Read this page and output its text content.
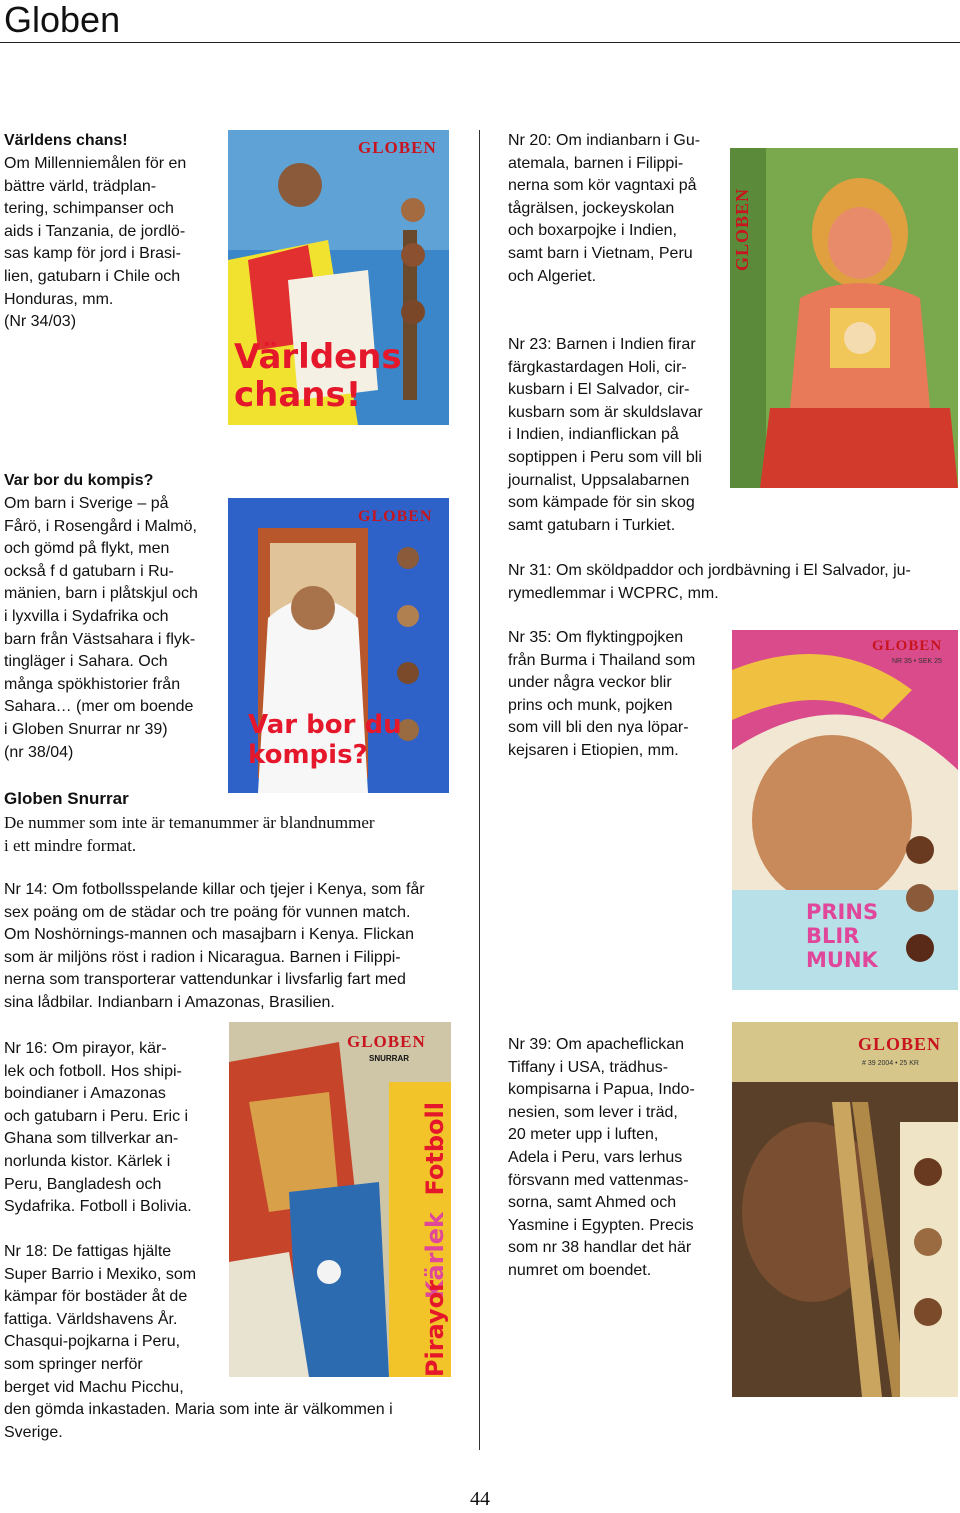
Globen
Världens chans!
Om Millenniemålen för en
bättre värld, trädplan-
tering, schimpanser och
aids i Tanzania, de jordlö-
sas kamp för jord i Brasi-
lien, gatubarn i Chile och
Honduras, mm.
(Nr 34/03)
Var bor du kompis?
Om barn i Sverige – på
Fårö, i Rosengård i Malmö,
och gömd på flykt, men
också f d gatubarn i Ru-
mänien, barn i plåtskjul och
i lyxvilla i Sydafrika och
barn från Västsahara i flyk-
tingläger i Sahara. Och
många spökhistorier från
Sahara… (mer om boende
i Globen Snurrar nr 39)
(nr 38/04)
Globen Snurrar
De nummer som inte är temanummer är blandnummer
i ett mindre format.
Nr 14: Om fotbollsspelande killar och tjejer i Kenya, som får
sex poäng om de städar och tre poäng för vunnen match.
Om Noshörnings-mannen och masajbarn i Kenya. Flickan
som är miljöns röst i radion i Nicaragua. Barnen i Filippi-
nerna som transporterar vattendunkar i livsfarlig fart med
sina lådbilar. Indianbarn i Amazonas, Brasilien.
Nr 16: Om pirayor, kär-
lek och fotboll. Hos shipi-
boindianer i Amazonas
och gatubarn i Peru. Eric i
Ghana som tillverkar an-
norlunda kistor. Kärlek i
Peru, Bangladesh och
Sydafrika. Fotboll i Bolivia.
Nr 18: De fattigas hjälte
Super Barrio i Mexiko, som
kämpar för bostäder åt de
fattiga. Världshavens År.
Chasqui-pojkarna i Peru,
som springer nerför
berget vid Machu Picchu,
den gömda inkastaden. Maria som inte är välkommen i
Sverige.
Nr 20: Om indianbarn i Gu-
atemala, barnen i Filippi-
nerna som kör vagntaxi på
tågrälsen, jockeyskolan
och boxarpojke i Indien,
samt barn i Vietnam, Peru
och Algeriet.
Nr 23: Barnen i Indien firar
färgkastardagen Holi, cir-
kusbarn i El Salvador, cir-
kusbarn som är skuldslavar
i Indien, indianflickan på
soptippen i Peru som vill bli
journalist, Uppsalabarnen
som kämpade för sin skog
samt gatubarn i Turkiet.
Nr 31: Om sköldpaddor och jordbävning i El Salvador, ju-
rymedlemmar i WCPRC, mm.
Nr 35: Om flyktingpojken
från Burma i Thailand som
under några veckor blir
prins och munk, pojken
som vill bli den nya löpar-
kejsaren i Etiopien, mm.
Nr 39: Om apacheflickan
Tiffany i USA, trädhus-
kompisarna i Papua, Indo-
nesien, som lever i träd,
20 meter upp i luften,
Adela i Peru, vars lerhus
försvann med vattenmas-
sorna, samt Ahmed och
Yasmine i Egypten. Precis
som nr 38 handlar det här
numret om boendet.
GLOBEN
Världens
chans!
GLOBEN
Var bor du
kompis?
GLOBEN
GLOBEN
NR 35 • SEK 25
PRINS
BLIR
MUNK
GLOBEN
SNURRAR
Fotboll
Kärlek
Pirayor
GLOBEN
# 39 2004 • 25 KR
44
